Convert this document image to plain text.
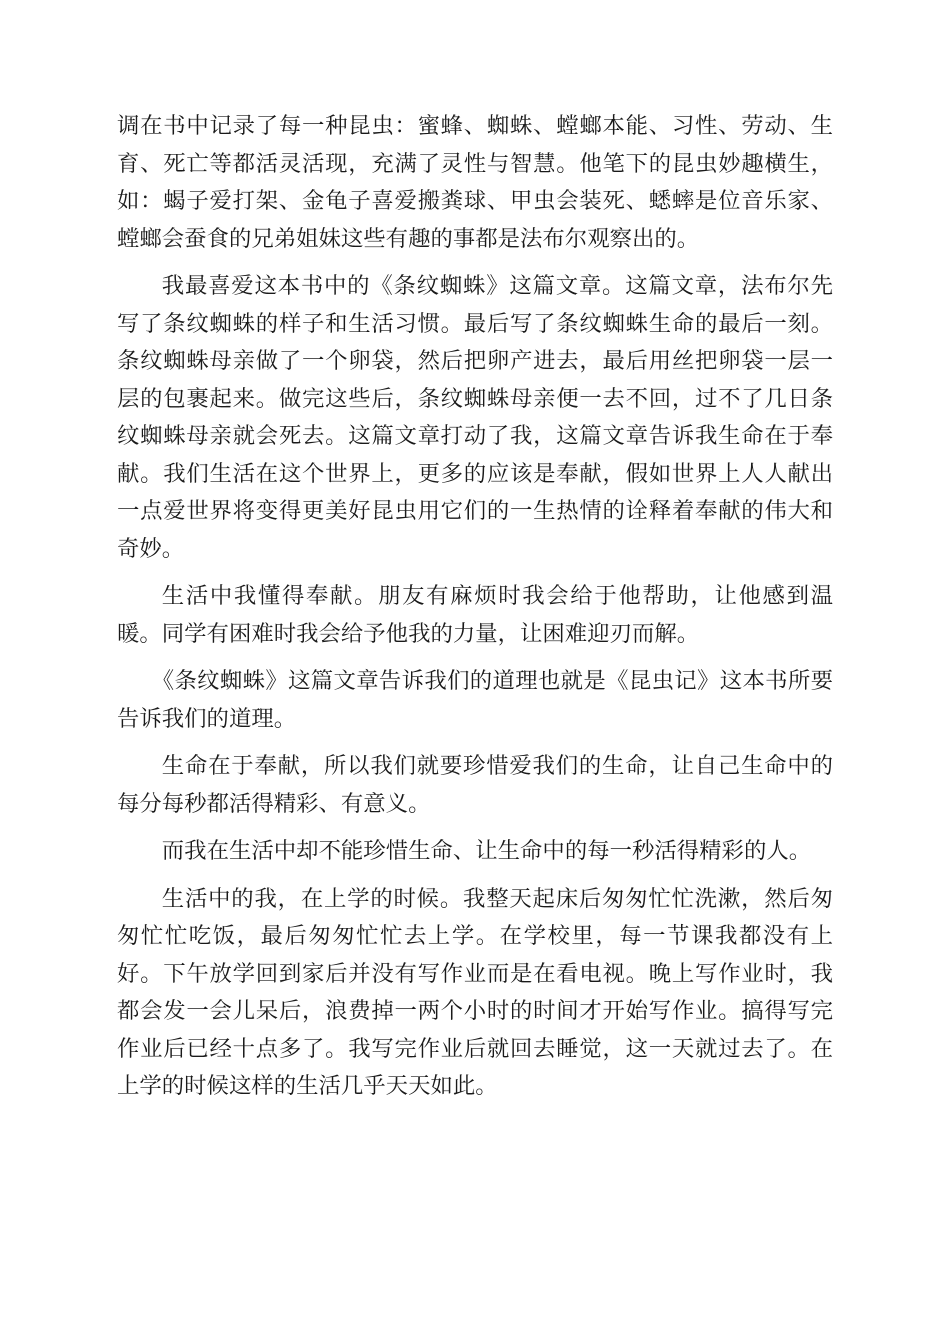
调在书中记录了每一种昆虫：蜜蜂、蜘蛛、螳螂本能、习性、劳动、生育、死亡等都活灵活现，充满了灵性与智慧。他笔下的昆虫妙趣横生，如：蝎子爱打架、金龟子喜爱搬粪球、甲虫会装死、蟋蟀是位音乐家、螳螂会蚕食的兄弟姐妹这些有趣的事都是法布尔观察出的。

我最喜爱这本书中的《条纹蜘蛛》这篇文章。这篇文章，法布尔先写了条纹蜘蛛的样子和生活习惯。最后写了条纹蜘蛛生命的最后一刻。条纹蜘蛛母亲做了一个卵袋，然后把卵产进去，最后用丝把卵袋一层一层的包裹起来。做完这些后，条纹蜘蛛母亲便一去不回，过不了几日条纹蜘蛛母亲就会死去。这篇文章打动了我，这篇文章告诉我生命在于奉献。我们生活在这个世界上，更多的应该是奉献，假如世界上人人献出一点爱世界将变得更美好昆虫用它们的一生热情的诠释着奉献的伟大和奇妙。

生活中我懂得奉献。朋友有麻烦时我会给于他帮助，让他感到温暖。同学有困难时我会给予他我的力量，让困难迎刃而解。

《条纹蜘蛛》这篇文章告诉我们的道理也就是《昆虫记》这本书所要告诉我们的道理。

生命在于奉献，所以我们就要珍惜爱我们的生命，让自己生命中的每分每秒都活得精彩、有意义。

而我在生活中却不能珍惜生命、让生命中的每一秒活得精彩的人。

生活中的我，在上学的时候。我整天起床后匆匆忙忙洗漱，然后匆匆忙忙吃饭，最后匆匆忙忙去上学。在学校里，每一节课我都没有上好。下午放学回到家后并没有写作业而是在看电视。晚上写作业时，我都会发一会儿呆后，浪费掉一两个小时的时间才开始写作业。搞得写完作业后已经十点多了。我写完作业后就回去睡觉，这一天就过去了。在上学的时候这样的生活几乎天天如此。
